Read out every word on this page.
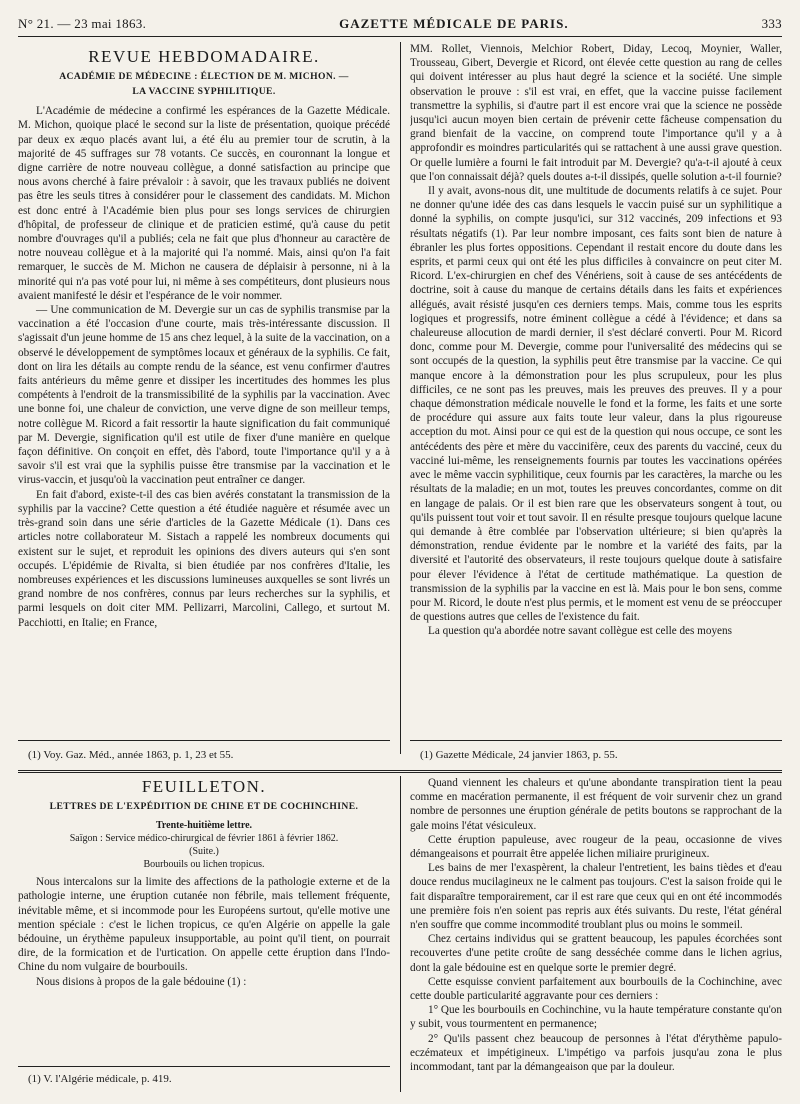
N° 21. — 23 mai 1863.	GAZETTE MÉDICALE DE PARIS.	333
REVUE HEBDOMADAIRE.
ACADÉMIE DE MÉDECINE : ÉLECTION DE M. MICHON. —
LA VACCINE SYPHILITIQUE.

L'Académie de médecine a confirmé les espérances de la Gazette Médicale. M. Michon, quoique placé le second sur la liste de présentation, quoique précédé par deux ex æquo placés avant lui, a été élu au premier tour de scrutin, à la majorité de 45 suffrages sur 78 votants. Ce succès, en couronnant la longue et digne carrière de notre nouveau collègue, a donné satisfaction au principe que nous avons cherché à faire prévaloir : à savoir, que les travaux publiés ne doivent pas être les seuls titres à considérer pour le classement des candidats. M. Michon est donc entré à l'Académie bien plus pour ses longs services de chirurgien d'hôpital, de professeur de clinique et de praticien estimé, qu'à cause du petit nombre d'ouvrages qu'il a publiés; cela ne fait que plus d'honneur au caractère de notre nouveau collègue et à la majorité qui l'a nommé. Mais, ainsi qu'on l'a fait remarquer, le succès de M. Michon ne causera de déplaisir à personne, ni à la minorité qui n'a pas voté pour lui, ni même à ses compétiteurs, dont plusieurs nous avaient manifesté le désir et l'espérance de le voir nommer.

— Une communication de M. Devergie sur un cas de syphilis transmise par la vaccination a été l'occasion d'une courte, mais très-intéressante discussion. Il s'agissait d'un jeune homme de 15 ans chez lequel, à la suite de la vaccination, on a observé le développement de symptômes locaux et généraux de la syphilis. Ce fait, dont on lira les détails au compte rendu de la séance, est venu confirmer d'autres faits antérieurs du même genre et dissiper les incertitudes des hommes les plus compétents à l'endroit de la transmissibilité de la syphilis par la vaccination. Avec une bonne foi, une chaleur de conviction, une verve digne de son meilleur temps, notre collègue M. Ricord a fait ressortir la haute signification du fait communiqué par M. Devergie, signification qu'il est utile de fixer d'une manière en quelque façon définitive. On conçoit en effet, dès l'abord, toute l'importance qu'il y a à savoir s'il est vrai que la syphilis puisse être transmise par la vaccination et le virus-vaccin, et jusqu'où la vaccination peut entraîner ce danger.

En fait d'abord, existe-t-il des cas bien avérés constatant la transmission de la syphilis par la vaccine? Cette question a été étudiée naguère et résumée avec un très-grand soin dans une série d'articles de la Gazette Médicale (1). Dans ces articles notre collaborateur M. Sistach a rappelé les nombreux documents qui existent sur le sujet, et reproduit les opinions des divers auteurs qui s'en sont occupés. L'épidémie de Rivalta, si bien étudiée par nos confrères d'Italie, les nombreuses expériences et les discussions lumineuses auxquelles se sont livrés un grand nombre de nos confrères, connus par leurs recherches sur la syphilis, et parmi lesquels on doit citer MM. Pellizarri, Marcolini, Callego, et surtout M. Pacchiotti, en Italie; en France,

MM. Rollet, Viennois, Melchior Robert, Diday, Lecoq, Moynier, Waller, Trousseau, Gibert, Devergie et Ricord, ont élevée cette question au rang de celles qui doivent intéresser au plus haut degré la science et la société. Une simple observation le prouve : s'il est vrai, en effet, que la vaccine puisse facilement transmettre la syphilis, si d'autre part il est encore vrai que la science ne possède jusqu'ici aucun moyen bien certain de prévenir cette fâcheuse compensation du grand bienfait de la vaccine, on comprend toute l'importance qu'il y a à approfondir es moindres particularités qui se rattachent à une aussi grave question. Or quelle lumière a fourni le fait introduit par M. Devergie? qu'a-t-il ajouté à ceux que l'on connaissait déjà? quels doutes a-t-il dissipés, quelle solution a-t-il fournie?

Il y avait, avons-nous dit, une multitude de documents relatifs à ce sujet. Pour ne donner qu'une idée des cas dans lesquels le vaccin puisé sur un syphilitique a donné la syphilis, on compte jusqu'ici, sur 312 vaccinés, 209 infections et 93 résultats négatifs (1). Par leur nombre imposant, ces faits sont bien de nature à ébranler les plus fortes oppositions. Cependant il restait encore du doute dans les esprits, et parmi ceux qui ont été les plus difficiles à convaincre on peut citer M. Ricord. L'ex-chirurgien en chef des Vénériens, soit à cause de ses antécédents de doctrine, soit à cause du manque de certains détails dans les faits et expériences allégués, avait résisté jusqu'en ces derniers temps. Mais, comme tous les esprits logiques et progressifs, notre éminent collègue a cédé à l'évidence; et dans sa chaleureuse allocution de mardi dernier, il s'est déclaré converti. Pour M. Ricord donc, comme pour M. Devergie, comme pour l'universalité des médecins qui se sont occupés de la question, la syphilis peut être transmise par la vaccine. Ce qui manque encore à la démonstration pour les plus scrupuleux, pour les plus difficiles, ce ne sont pas les preuves, mais les preuves des preuves. Il y a pour chaque démonstration médicale nouvelle le fond et la forme, les faits et une sorte de procédure qui assure aux faits toute leur valeur, dans la plus rigoureuse acception du mot. Ainsi pour ce qui est de la question qui nous occupe, ce sont les antécédents des père et mère du vaccinifère, ceux des parents du vacciné, ceux du vacciné lui-même, les renseignements fournis par toutes les vaccinations opérées avec le même vaccin syphilitique, ceux fournis par les caractères, la marche ou les résultats de la maladie; en un mot, toutes les preuves concordantes, comme on dit en langage de palais. Or il est bien rare que les observateurs songent à tout, ou qu'ils puissent tout voir et tout savoir. Il en résulte presque toujours quelque lacune qui demande à être comblée par l'observation ultérieure; si bien qu'après la démonstration, rendue évidente par le nombre et la variété des faits, par la diversité et l'autorité des observateurs, il reste toujours quelque doute à satisfaire pour élever l'évidence à l'état de certitude mathématique. La question de transmission de la syphilis par la vaccine en est là. Mais pour le bon sens, comme pour M. Ricord, le doute n'est plus permis, et le moment est venu de se préoccuper de questions autres que celles de l'existence du fait.

La question qu'a abordée notre savant collègue est celle des moyens

(1) Voy. Gaz. Méd., année 1863, p. 1, 23 et 55.	(1) Gazette Médicale, 24 janvier 1863, p. 55.
FEUILLETON.
LETTRES DE L'EXPÉDITION DE CHINE ET DE COCHINCHINE.
Trente-huitième lettre.
Saïgon : Service médico-chirurgical de février 1861 à février 1862.
(Suite.)
Bourbouils ou lichen tropicus.

Nous intercalons sur la limite des affections de la pathologie externe et de la pathologie interne, une éruption cutanée non fébrile, mais tellement fréquente, inévitable même, et si incommode pour les Européens surtout, qu'elle motive une mention spéciale : c'est le lichen tropicus, ce qu'en Algérie on appelle la gale bédouine, un érythème papuleux insupportable, au point qu'il tient, on pourrait dire, de la formication et de l'urtication. On appelle cette éruption dans l'Indo-Chine du nom vulgaire de bourbouils.

Nous disions à propos de la gale bédouine (1) :

Quand viennent les chaleurs et qu'une abondante transpiration tient la peau comme en macération permanente, il est fréquent de voir survenir chez un grand nombre de personnes une éruption générale de petits boutons se rapprochant de la gale moins l'état vésiculeux.

Cette éruption papuleuse, avec rougeur de la peau, occasionne de vives démangeaisons et pourrait être appelée lichen miliaire prurigineux.

Les bains de mer l'exaspèrent, la chaleur l'entretient, les bains tièdes et d'eau douce rendus mucilagineux ne le calment pas toujours. C'est la saison froide qui le fait disparaître temporairement, car il est rare que ceux qui en ont été incommodés une première fois n'en soient pas repris aux étés suivants. Du reste, l'état général n'en souffre que comme incommodité troublant plus ou moins le sommeil.

Chez certains individus qui se grattent beaucoup, les papules écorchées sont recouvertes d'une petite croûte de sang desséchée comme dans le lichen agrius, dont la gale bédouine est en quelque sorte le premier degré.

Cette esquisse convient parfaitement aux bourbouils de la Cochinchine, avec cette double particularité aggravante pour ces derniers :

1° Que les bourbouils en Cochinchine, vu la haute température constante qu'on y subit, vous tourmentent en permanence;

2° Qu'ils passent chez beaucoup de personnes à l'état d'érythème papulo-eczémateux et impétigineux. L'impétigo va parfois jusqu'au zona le plus incommodant, tant par la démangeaison que par la douleur.

(1) V. l'Algérie médicale, p. 419.
